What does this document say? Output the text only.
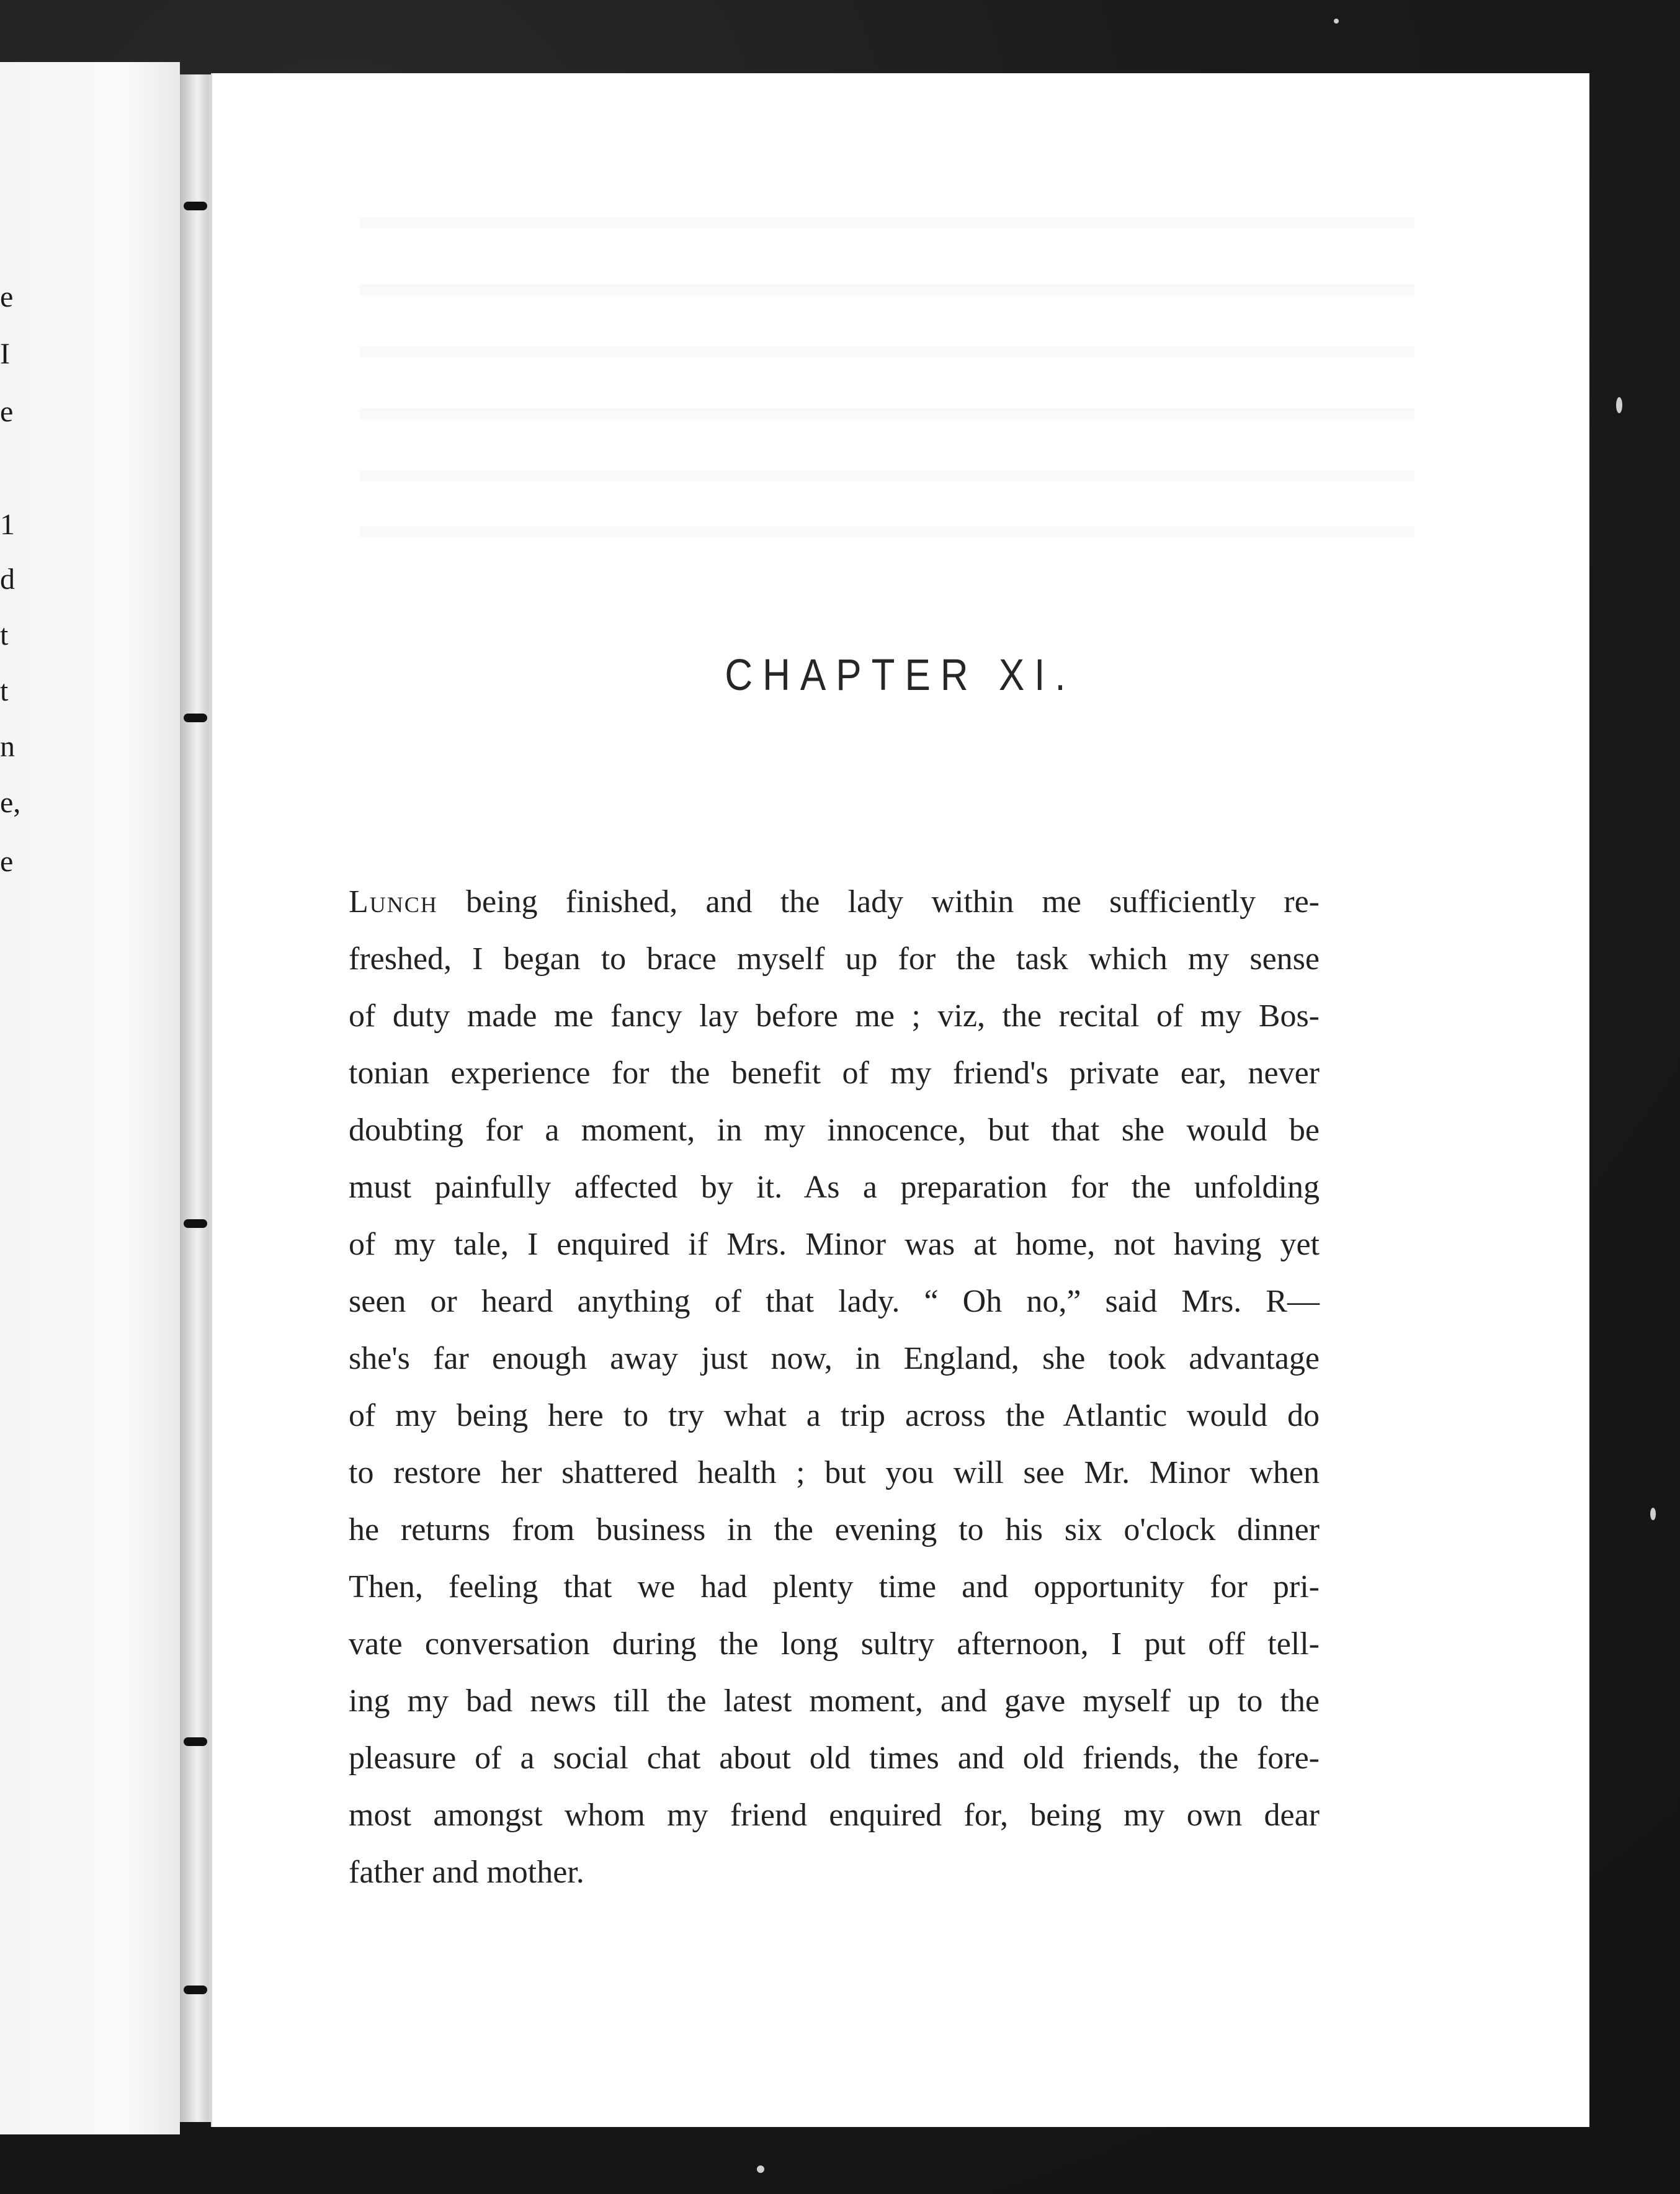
e
I
e
1
d
t
t
n
e,
e
CHAPTER XI.
Lunch being finished, and the lady within me sufficiently re-
freshed, I began to brace myself up for the task which my sense
of duty made me fancy lay before me ; viz, the recital of my Bos-
tonian experience for the benefit of my friend's private ear, never
doubting for a moment, in my innocence, but that she would be
must painfully affected by it. As a preparation for the unfolding
of my tale, I enquired if Mrs. Minor was at home, not having yet
seen or heard anything of that lady. “ Oh no,” said Mrs. R—
she's far enough away just now, in England, she took advantage
of my being here to try what a trip across the Atlantic would do
to restore her shattered health ; but you will see Mr. Minor when
he returns from business in the evening to his six o'clock dinner
Then, feeling that we had plenty time and opportunity for pri-
vate conversation during the long sultry afternoon, I put off tell-
ing my bad news till the latest moment, and gave myself up to the
pleasure of a social chat about old times and old friends, the fore-
most amongst whom my friend enquired for, being my own dear
father and mother.
